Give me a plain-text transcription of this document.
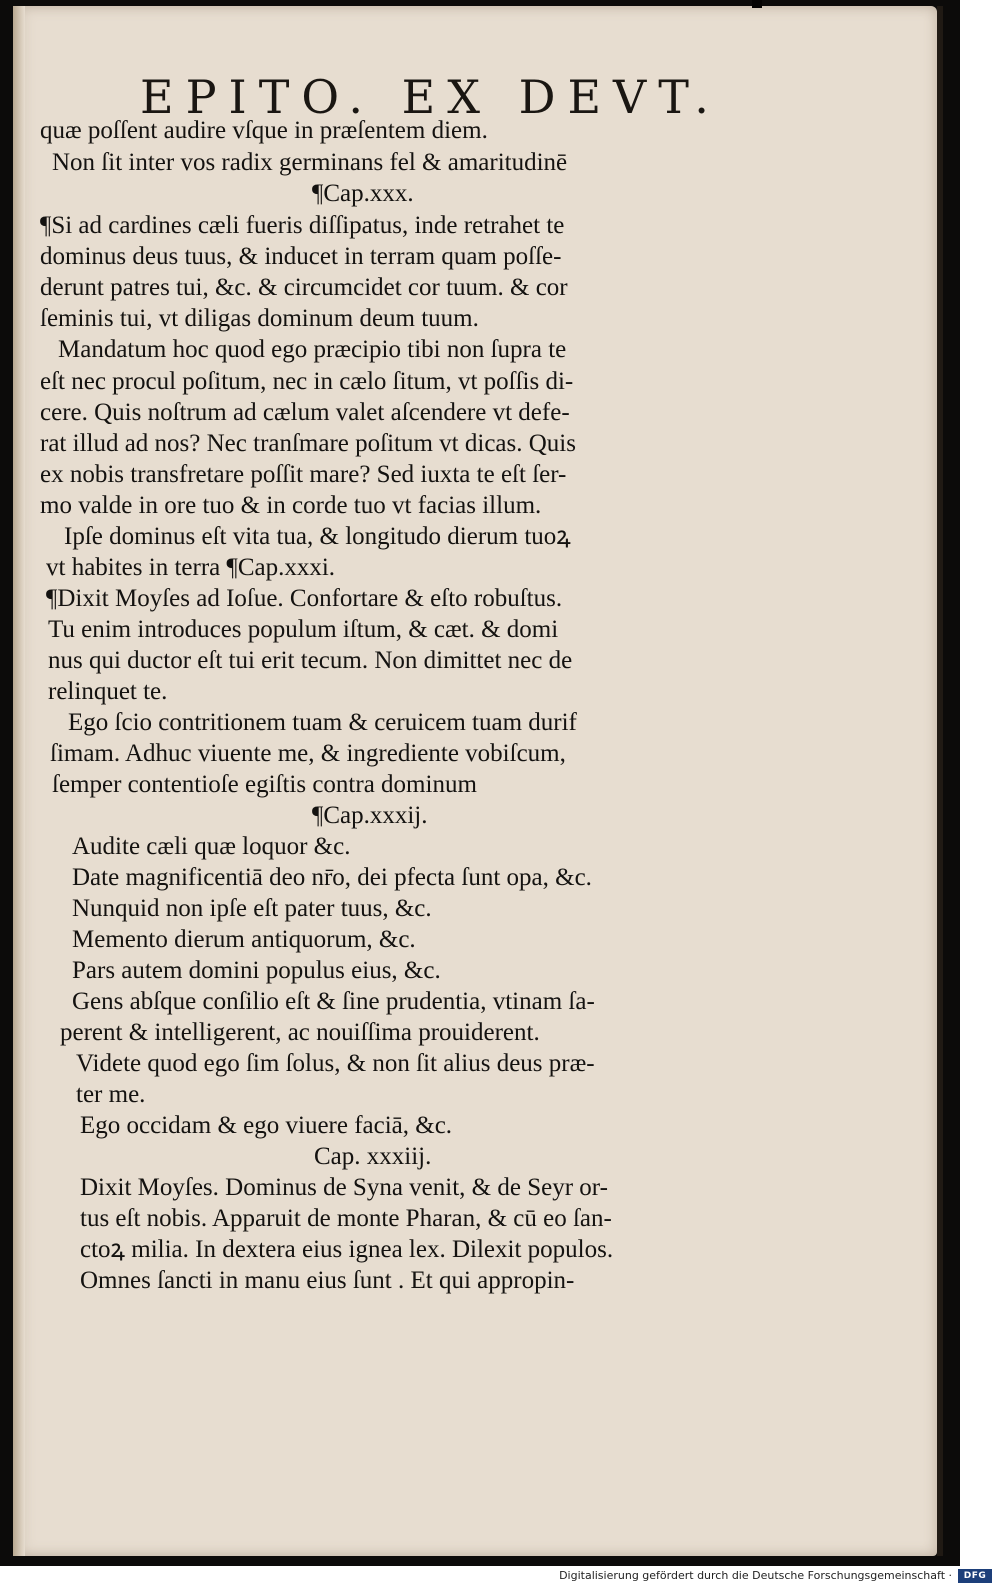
EPITO. EX DEVT.
quæ poſſent audire vſque in præſentem diem.
Non ſit inter vos radix germinans fel & amaritudinē
¶Cap.xxx.
¶Si ad cardines cæli fueris diſſipatus, inde retrahet te
dominus deus tuus, & inducet in terram quam poſſe-
derunt patres tui, &c. & circumcidet cor tuum. & cor
ſeminis tui, vt diligas dominum deum tuum.
Mandatum hoc quod ego præcipio tibi non ſupra te
eſt nec procul poſitum, nec in cælo ſitum, vt poſſis di-
cere. Quis noſtrum ad cælum valet aſcendere vt defe-
rat illud ad nos? Nec tranſmare poſitum vt dicas. Quis
ex nobis transfretare poſſit mare? Sed iuxta te eſt ſer-
mo valde in ore tuo & in corde tuo vt facias illum.
Ipſe dominus eſt vita tua, & longitudo dierum tuoꝝ
vt habites in terra ¶Cap.xxxi.
¶Dixit Moyſes ad Ioſue. Confortare & eſto robuſtus.
Tu enim introduces populum iſtum, & cæt. & domi
nus qui ductor eſt tui erit tecum. Non dimittet nec de
relinquet te.
Ego ſcio contritionem tuam & ceruicem tuam durif
ſimam. Adhuc viuente me, & ingrediente vobiſcum,
ſemper contentioſe egiſtis contra dominum
¶Cap.xxxij.
Audite cæli quæ loquor &c.
Date magnificentiā deo nr̄o, dei pfecta ſunt opa, &c.
Nunquid non ipſe eſt pater tuus, &c.
Memento dierum antiquorum, &c.
Pars autem domini populus eius, &c.
Gens abſque conſilio eſt & ſine prudentia, vtinam ſa-
perent & intelligerent, ac nouiſſima prouiderent.
Videte quod ego ſim ſolus, & non ſit alius deus præ-
ter me.
Ego occidam & ego viuere faciā, &c.
Cap. xxxiij.
Dixit Moyſes. Dominus de Syna venit, & de Seyr or-
tus eſt nobis. Apparuit de monte Pharan, & cū eo ſan-
ctoꝝ milia. In dextera eius ignea lex. Dilexit populos.
Omnes ſancti in manu eius ſunt . Et qui appropin-
Digitalisierung gefördert durch die Deutsche Forschungsgemeinschaft ·	DFG
